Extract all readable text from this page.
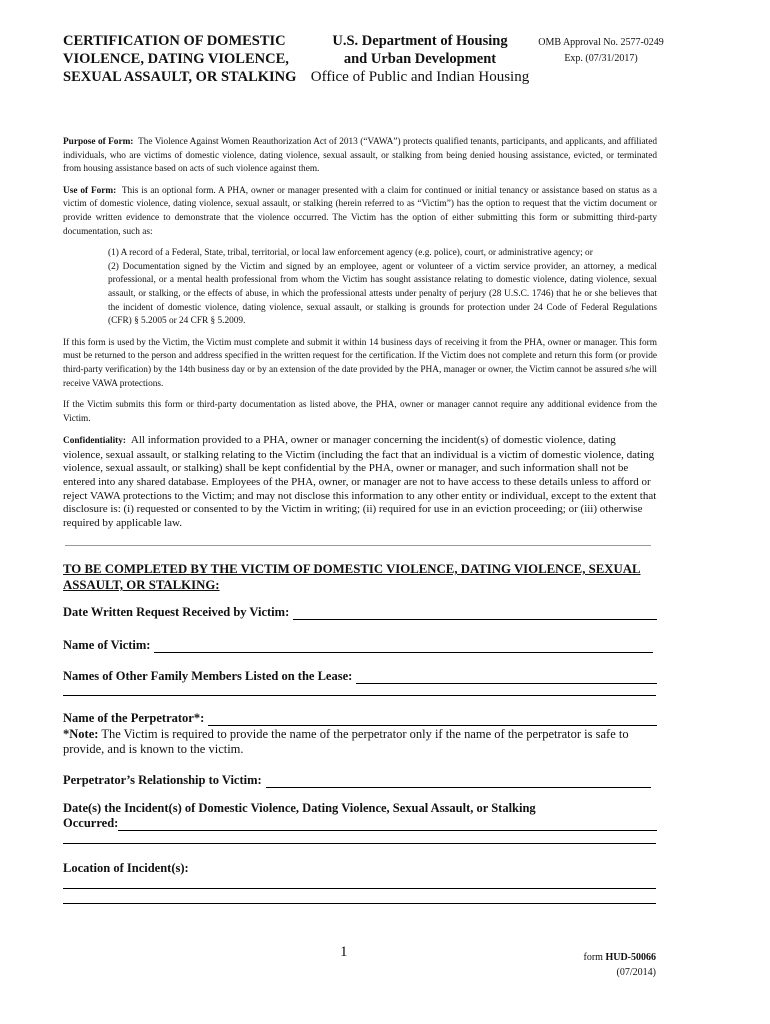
CERTIFICATION OF DOMESTIC
VIOLENCE, DATING VIOLENCE,
SEXUAL ASSAULT, OR STALKING
U.S. Department of Housing
and Urban Development
Office of Public and Indian Housing
OMB Approval No. 2577-0249
Exp. (07/31/2017)
Purpose of Form: The Violence Against Women Reauthorization Act of 2013 (“VAWA”) protects qualified tenants, participants, and applicants, and affiliated individuals, who are victims of domestic violence, dating violence, sexual assault, or stalking from being denied housing assistance, evicted, or terminated from housing assistance based on acts of such violence against them.
Use of Form: This is an optional form. A PHA, owner or manager presented with a claim for continued or initial tenancy or assistance based on status as a victim of domestic violence, dating violence, sexual assault, or stalking (herein referred to as “Victim”) has the option to request that the victim document or provide written evidence to demonstrate that the violence occurred. The Victim has the option of either submitting this form or submitting third-party documentation, such as:
(1) A record of a Federal, State, tribal, territorial, or local law enforcement agency (e.g. police), court, or administrative agency; or
(2) Documentation signed by the Victim and signed by an employee, agent or volunteer of a victim service provider, an attorney, a medical professional, or a mental health professional from whom the Victim has sought assistance relating to domestic violence, dating violence, sexual assault, or stalking, or the effects of abuse, in which the professional attests under penalty of perjury (28 U.S.C. 1746) that he or she believes that the incident of domestic violence, dating violence, sexual assault, or stalking is grounds for protection under 24 Code of Federal Regulations (CFR) § 5.2005 or 24 CFR § 5.2009.
If this form is used by the Victim, the Victim must complete and submit it within 14 business days of receiving it from the PHA, owner or manager. This form must be returned to the person and address specified in the written request for the certification. If the Victim does not complete and return this form (or provide third-party verification) by the 14th business day or by an extension of the date provided by the PHA, manager or owner, the Victim cannot be assured s/he will receive VAWA protections.
If the Victim submits this form or third-party documentation as listed above, the PHA, owner or manager cannot require any additional evidence from the Victim.
Confidentiality: All information provided to a PHA, owner or manager concerning the incident(s) of domestic violence, dating violence, sexual assault, or stalking relating to the Victim (including the fact that an individual is a victim of domestic violence, dating violence, sexual assault, or stalking) shall be kept confidential by the PHA, owner or manager, and such information shall not be entered into any shared database. Employees of the PHA, owner, or manager are not to have access to these details unless to afford or reject VAWA protections to the Victim; and may not disclose this information to any other entity or individual, except to the extent that disclosure is: (i) requested or consented to by the Victim in writing; (ii) required for use in an eviction proceeding; or (iii) otherwise required by applicable law.
TO BE COMPLETED BY THE VICTIM OF DOMESTIC VIOLENCE, DATING VIOLENCE, SEXUAL ASSAULT, OR STALKING:
Date Written Request Received by Victim:
Name of Victim:
Names of Other Family Members Listed on the Lease:
Name of the Perpetrator*:
*Note: The Victim is required to provide the name of the perpetrator only if the name of the perpetrator is safe to provide, and is known to the victim.
Perpetrator’s Relationship to Victim:
Date(s) the Incident(s) of Domestic Violence, Dating Violence, Sexual Assault, or Stalking
Occurred:
Location of Incident(s):
1	form HUD-50066
(07/2014)
